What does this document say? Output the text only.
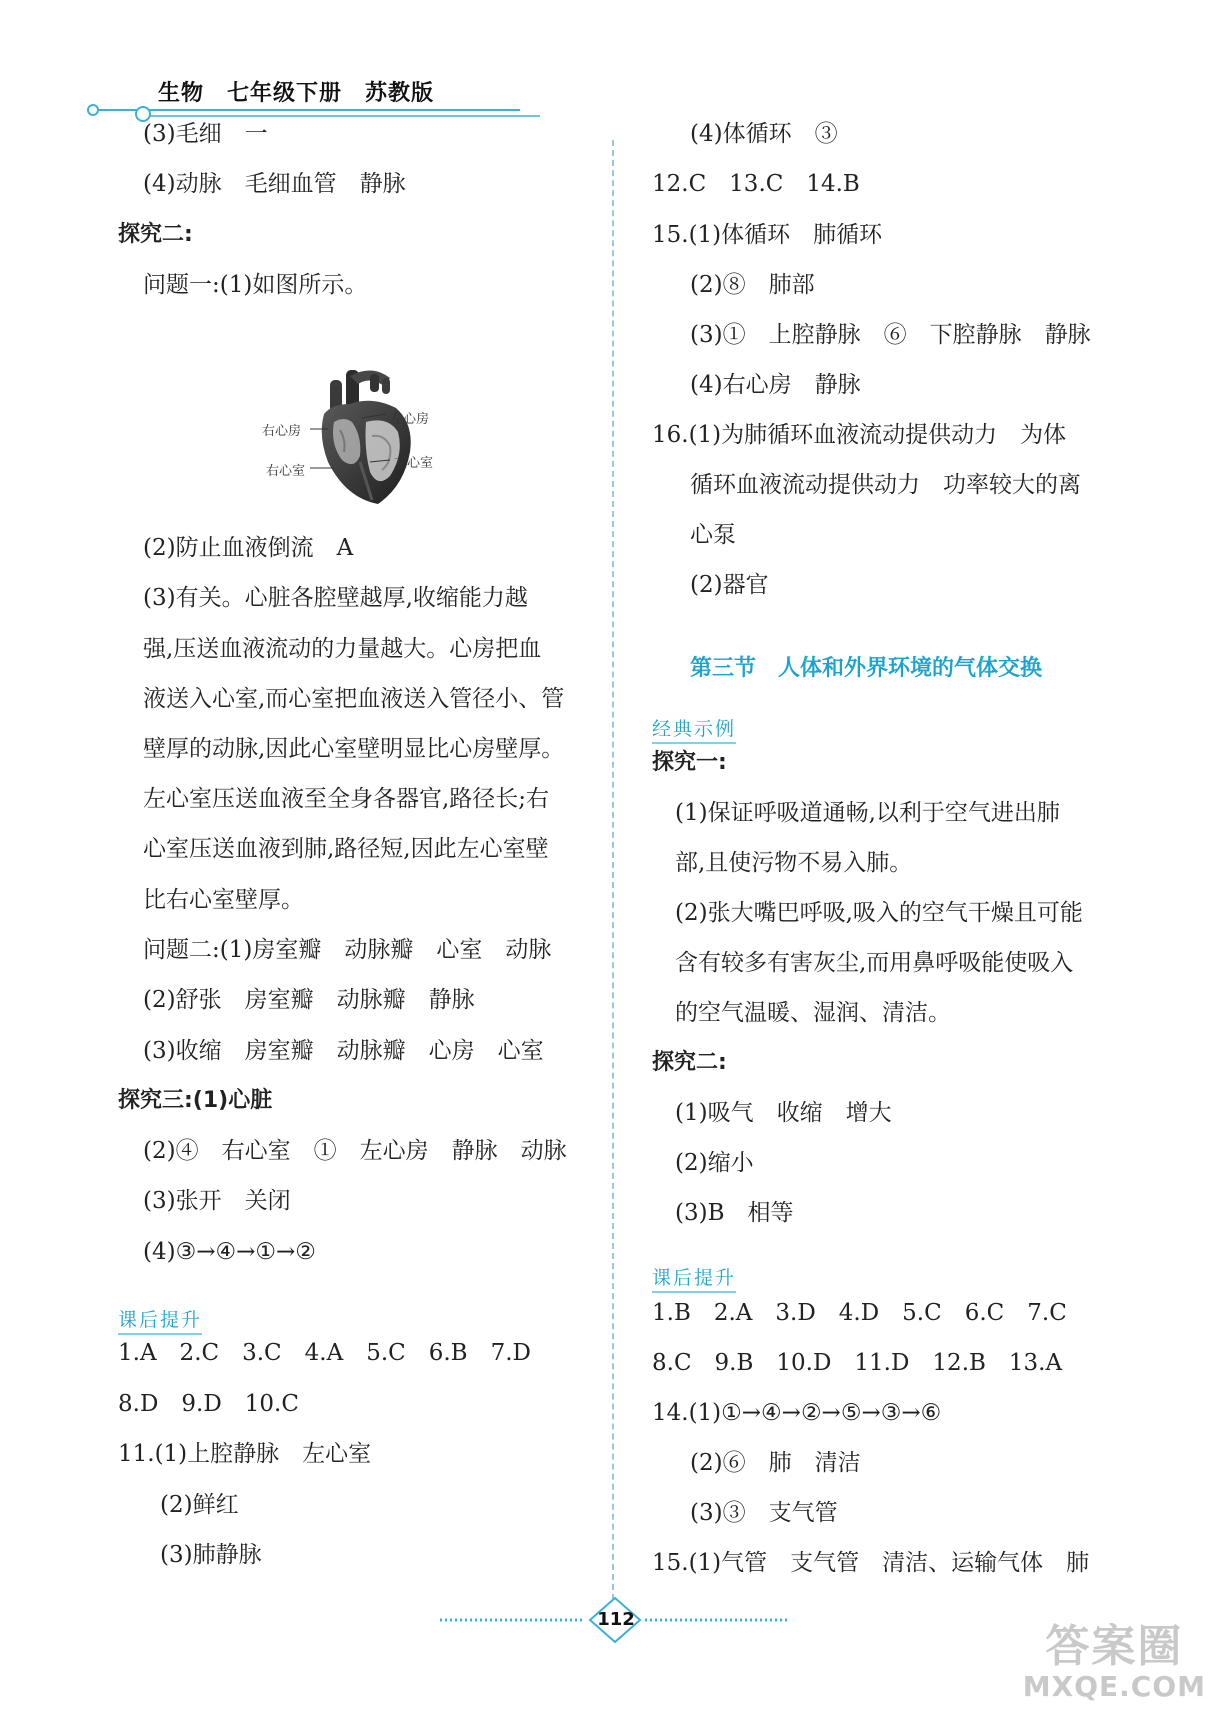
生物　七年级下册　苏教版
(3)毛细　一
(4)动脉　毛细血管　静脉
探究二:
问题一:(1)如图所示。
(2)防止血液倒流　A
(3)有关。心脏各腔壁越厚,收缩能力越
强,压送血液流动的力量越大。心房把血
液送入心室,而心室把血液送入管径小、管
壁厚的动脉,因此心室壁明显比心房壁厚。
左心室压送血液至全身各器官,路径长;右
心室压送血液到肺,路径短,因此左心室壁
比右心室壁厚。
问题二:(1)房室瓣　动脉瓣　心室　动脉
(2)舒张　房室瓣　动脉瓣　静脉
(3)收缩　房室瓣　动脉瓣　心房　心室
探究三:(1)心脏
(2)④　右心室　①　左心房　静脉　动脉
(3)张开　关闭
(4)③→④→①→②
1.A　2.C　3.C　4.A　5.C　6.B　7.D
8.D　9.D　10.C
11.(1)上腔静脉　左心室
(2)鲜红
(3)肺静脉
(4)体循环　③
12.C　13.C　14.B
15.(1)体循环　肺循环
(2)⑧　肺部
(3)①　上腔静脉　⑥　下腔静脉　静脉
(4)右心房　静脉
16.(1)为肺循环血液流动提供动力　为体
循环血液流动提供动力　功率较大的离
心泵
(2)器官
探究一:
(1)保证呼吸道通畅,以利于空气进出肺
部,且使污物不易入肺。
(2)张大嘴巴呼吸,吸入的空气干燥且可能
含有较多有害灰尘,而用鼻呼吸能使吸入
的空气温暖、湿润、清洁。
探究二:
(1)吸气　收缩　增大
(2)缩小
(3)B　相等
1.B　2.A　3.D　4.D　5.C　6.C　7.C
8.C　9.B　10.D　11.D　12.B　13.A
14.(1)①→④→②→⑤→③→⑥
(2)⑥　肺　清洁
(3)③　支气管
15.(1)气管　支气管　清洁、运输气体　肺
课后提升
经典示例
课后提升
第三节　人体和外界环境的气体交换
右心房
左心房
右心室
左心室
112
答案圈
MXQE.COM
